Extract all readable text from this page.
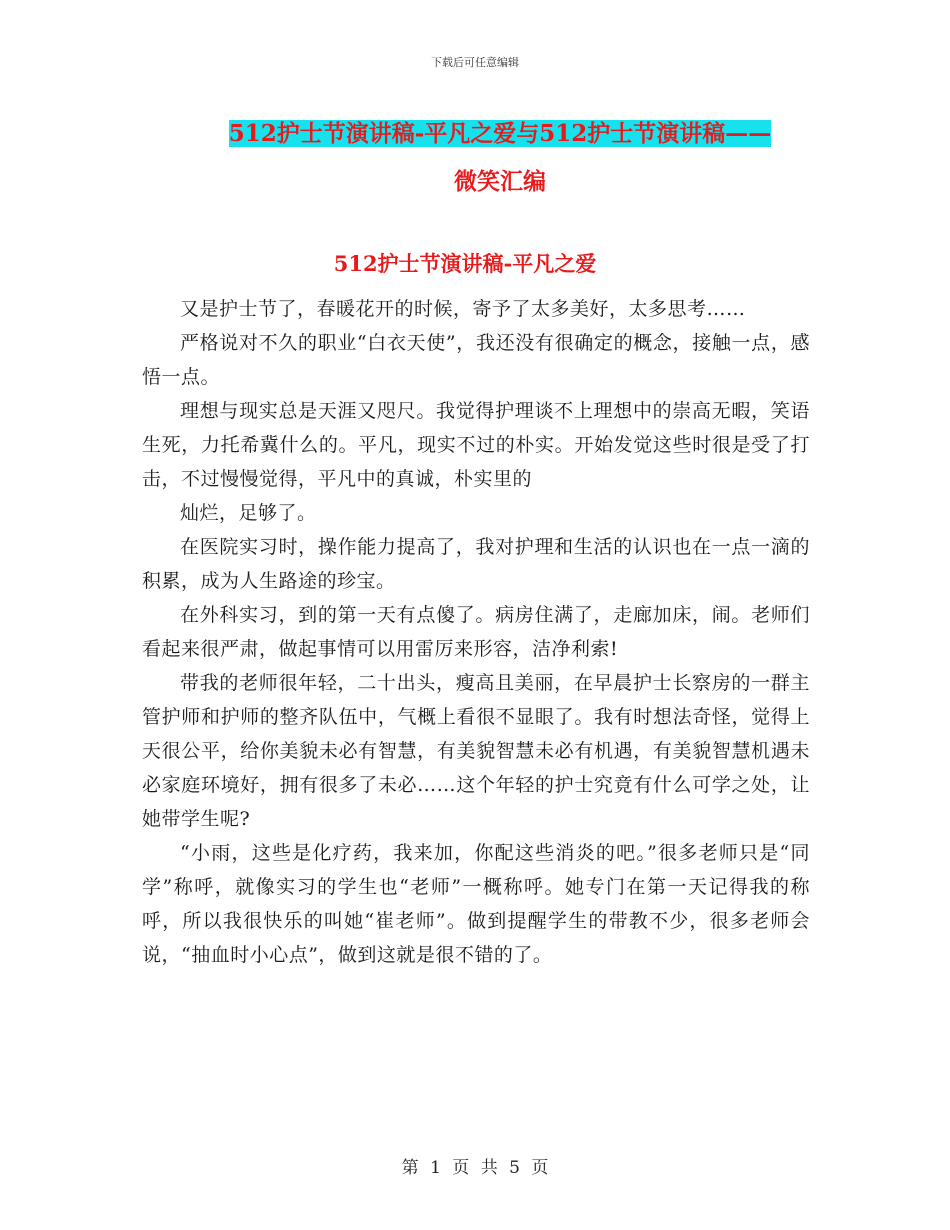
下载后可任意编辑
512护士节演讲稿-平凡之爱与512护士节演讲稿——
微笑汇编
512护士节演讲稿-平凡之爱

又是护士节了，春暖花开的时候，寄予了太多美好，太多思考……

严格说对不久的职业“白衣天使”，我还没有很确定的概念，接触一点，感悟一点。

理想与现实总是天涯又咫尺。我觉得护理谈不上理想中的崇高无暇，笑语生死，力托希冀什么的。平凡，现实不过的朴实。开始发觉这些时很是受了打击，不过慢慢觉得，平凡中的真诚，朴实里的

灿烂，足够了。

在医院实习时，操作能力提高了，我对护理和生活的认识也在一点一滴的积累，成为人生路途的珍宝。

在外科实习，到的第一天有点傻了。病房住满了，走廊加床，闹。老师们看起来很严肃，做起事情可以用雷厉来形容，洁净利索!

带我的老师很年轻，二十出头，瘦高且美丽，在早晨护士长察房的一群主管护师和护师的整齐队伍中，气概上看很不显眼了。我有时想法奇怪，觉得上天很公平，给你美貌未必有智慧，有美貌智慧未必有机遇，有美貌智慧机遇未必家庭环境好，拥有很多了未必……这个年轻的护士究竟有什么可学之处，让她带学生呢?

“小雨，这些是化疗药，我来加，你配这些消炎的吧。”很多老师只是“同学”称呼，就像实习的学生也“老师”一概称呼。她专门在第一天记得我的称呼，所以我很快乐的叫她“崔老师”。做到提醒学生的带教不少，很多老师会说，“抽血时小心点”，做到这就是很不错的了。

第 1 页 共 5 页
